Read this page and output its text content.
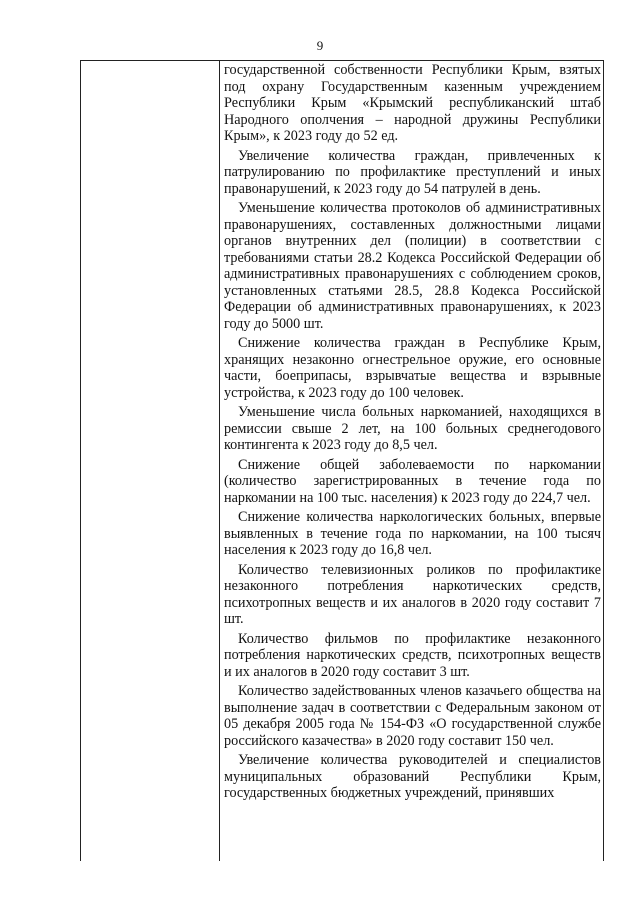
9

государственной собственности Республики Крым, взятых под охрану Государственным казенным учреждением Республики Крым «Крымский республиканский штаб Народного ополчения – народной дружины Республики Крым», к 2023 году до 52 ед.

Увеличение количества граждан, привлеченных к патрулированию по профилактике преступлений и иных правонарушений, к 2023 году до 54 патрулей в день.

Уменьшение количества протоколов об административных правонарушениях, составленных должностными лицами органов внутренних дел (полиции) в соответствии с требованиями статьи 28.2 Кодекса Российской Федерации об административных правонарушениях с соблюдением сроков, установленных статьями 28.5, 28.8 Кодекса Российской Федерации об административных правонарушениях, к 2023 году до 5000 шт.

Снижение количества граждан в Республике Крым, хранящих незаконно огнестрельное оружие, его основные части, боеприпасы, взрывчатые вещества и взрывные устройства, к 2023 году до 100 человек.

Уменьшение числа больных наркоманией, находящихся в ремиссии свыше 2 лет, на 100 больных среднегодового контингента к 2023 году до 8,5 чел.

Снижение общей заболеваемости по наркомании (количество зарегистрированных в течение года по наркомании на 100 тыс. населения) к 2023 году до 224,7 чел.

Снижение количества наркологических больных, впервые выявленных в течение года по наркомании, на 100 тысяч населения к 2023 году до 16,8 чел.

Количество телевизионных роликов по профилактике незаконного потребления наркотических средств, психотропных веществ и их аналогов в 2020 году составит 7 шт.

Количество фильмов по профилактике незаконного потребления наркотических средств, психотропных веществ и их аналогов в 2020 году составит 3 шт.

Количество задействованных членов казачьего общества на выполнение задач в соответствии с Федеральным законом от 05 декабря 2005 года № 154-ФЗ «О государственной службе российского казачества» в 2020 году составит 150 чел.

Увеличение количества руководителей и специалистов муниципальных образований Республики Крым, государственных бюджетных учреждений, принявших
